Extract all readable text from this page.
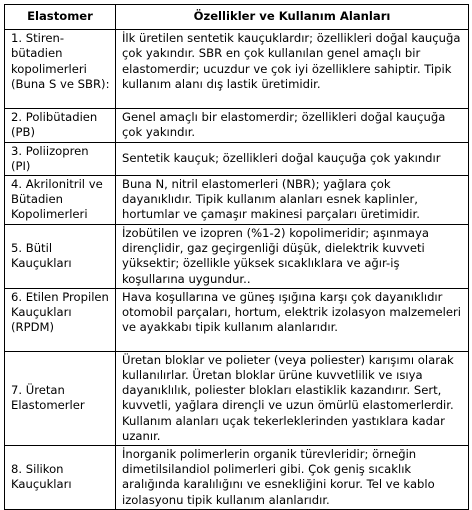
Elastomer	Özellikler ve Kullanım Alanları
1. Stiren-bütadien kopolimerleri (Buna S ve SBR):	İlk üretilen sentetik kauçuklardır; özellikleri doğal kauçuğa çok yakındır. SBR en çok kullanılan genel amaçlı bir elastomerdir; ucuzdur ve çok iyi özelliklere sahiptir. Tipik kullanım alanı dış lastik üretimidir.
2. Polibütadien (PB)	Genel amaçlı bir elastomerdir; özellikleri doğal kauçuğa çok yakındır.
3. Poliizopren (PI)	Sentetik kauçuk; özellikleri doğal kauçuğa çok yakındır
4. Akrilonitril ve Bütadien Kopolimerleri	Buna N, nitril elastomerleri (NBR); yağlara çok dayanıklıdır. Tipik kullanım alanları esnek kaplinler, hortumlar ve çamaşır makinesi parçaları üretimidir.
5. Bütil Kauçukları	İzobütilen ve izopren (%1-2) kopolimeridir; aşınmaya dirençlidir, gaz geçirgenliği düşük, dielektrik kuvveti yüksektir; özellikle yüksek sıcaklıklara ve ağır-iş koşullarına uygundur..
6. Etilen Propilen Kauçukları (RPDM)	Hava koşullarına ve güneş ışığına karşı çok dayanıklıdır otomobil parçaları, hortum, elektrik izolasyon malzemeleri ve ayakkabı tipik kullanım alanlarıdır.
7. Üretan Elastomerler	Üretan bloklar ve polieter (veya poliester) karışımı olarak kullanılırlar. Üretan bloklar ürüne kuvvetlilik ve ısıya dayanıklılık, poliester blokları elastiklik kazandırır. Sert, kuvvetli, yağlara dirençli ve uzun ömürlü elastomerlerdir. Kullanım alanları uçak tekerleklerinden yastıklara kadar uzanır.
8. Silikon Kauçukları	İnorganik polimerlerin organik türevleridir; örneğin dimetilsilandiol polimerleri gibi. Çok geniş sıcaklık aralığında karalılığını ve esnekliğini korur. Tel ve kablo izolasyonu tipik kullanım alanlarıdır.
